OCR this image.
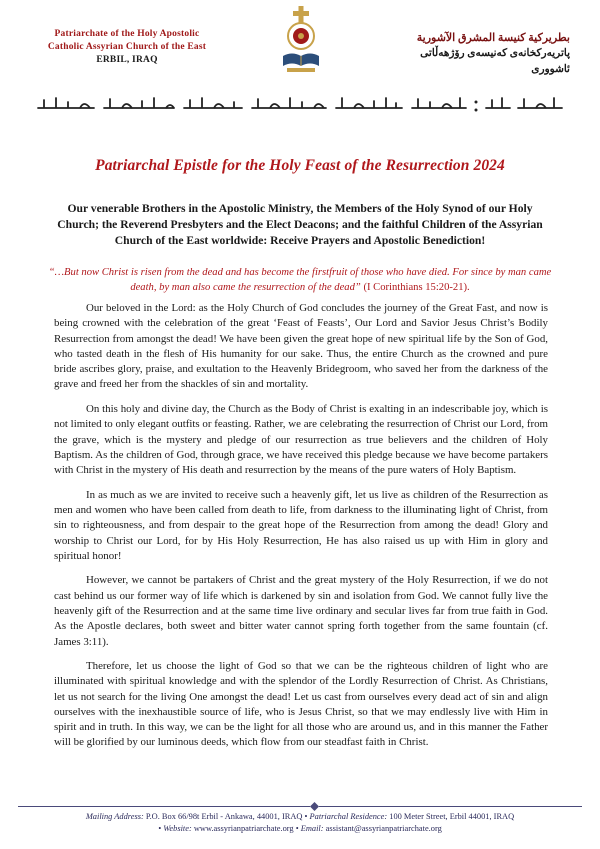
Patriarchate of the Holy Apostolic
Catholic Assyrian Church of the East
ERBIL, IRAQ
بطريركية كنيسة المشرق الآشورية
پاتريەرکخانەی کەنیسەی رۆژهەڵاتی ئاشووری
Patriarchal Epistle for the Holy Feast of the Resurrection 2024
Our venerable Brothers in the Apostolic Ministry, the Members of the Holy Synod of our Holy Church; the Reverend Presbyters and the Elect Deacons; and the faithful Children of the Assyrian Church of the East worldwide: Receive Prayers and Apostolic Benediction!
“…But now Christ is risen from the dead and has become the firstfruit of those who have died. For since by man came death, by man also came the resurrection of the dead” (I Corinthians 15:20-21).

Our beloved in the Lord: as the Holy Church of God concludes the journey of the Great Fast, and now is being crowned with the celebration of the great ‘Feast of Feasts’, Our Lord and Savior Jesus Christ’s Bodily Resurrection from amongst the dead! We have been given the great hope of new spiritual life by the Son of God, who tasted death in the flesh of His humanity for our sake. Thus, the entire Church as the crowned and pure bride ascribes glory, praise, and exultation to the Heavenly Bridegroom, who saved her from the darkness of the grave and freed her from the shackles of sin and mortality.

On this holy and divine day, the Church as the Body of Christ is exalting in an indescribable joy, which is not limited to only elegant outfits or feasting. Rather, we are celebrating the resurrection of Christ our Lord, from the grave, which is the mystery and pledge of our resurrection as true believers and the children of Holy Baptism. As the children of God, through grace, we have received this pledge because we have become partakers with Christ in the mystery of His death and resurrection by the means of the pure waters of Holy Baptism.

In as much as we are invited to receive such a heavenly gift, let us live as children of the Resurrection as men and women who have been called from death to life, from darkness to the illuminating light of Christ, from sin to righteousness, and from despair to the great hope of the Resurrection from among the dead! Glory and worship to Christ our Lord, for by His Holy Resurrection, He has also raised us up with Him in glory and spiritual honor!

However, we cannot be partakers of Christ and the great mystery of the Holy Resurrection, if we do not cast behind us our former way of life which is darkened by sin and isolation from God. We cannot fully live the heavenly gift of the Resurrection and at the same time live ordinary and secular lives far from true faith in God. As the Apostle declares, both sweet and bitter water cannot spring forth together from the same fountain (cf. James 3:11).

Therefore, let us choose the light of God so that we can be the righteous children of light who are illuminated with spiritual knowledge and with the splendor of the Lordly Resurrection of Christ. As Christians, let us not search for the living One amongst the dead! Let us cast from ourselves every dead act of sin and align ourselves with the inexhaustible source of life, who is Jesus Christ, so that we may endlessly live with Him in spirit and in truth. In this way, we can be the light for all those who are around us, and in this manner the Father will be glorified by our luminous deeds, which flow from our steadfast faith in Christ.

Mailing Address: P.O. Box 66/98t Erbil - Ankawa, 44001, IRAQ • Patriarchal Residence: 100 Meter Street, Erbil 44001, IRAQ
• Website: www.assyrianpatriarchate.org • Email: assistant@assyrianpatriarchate.org
